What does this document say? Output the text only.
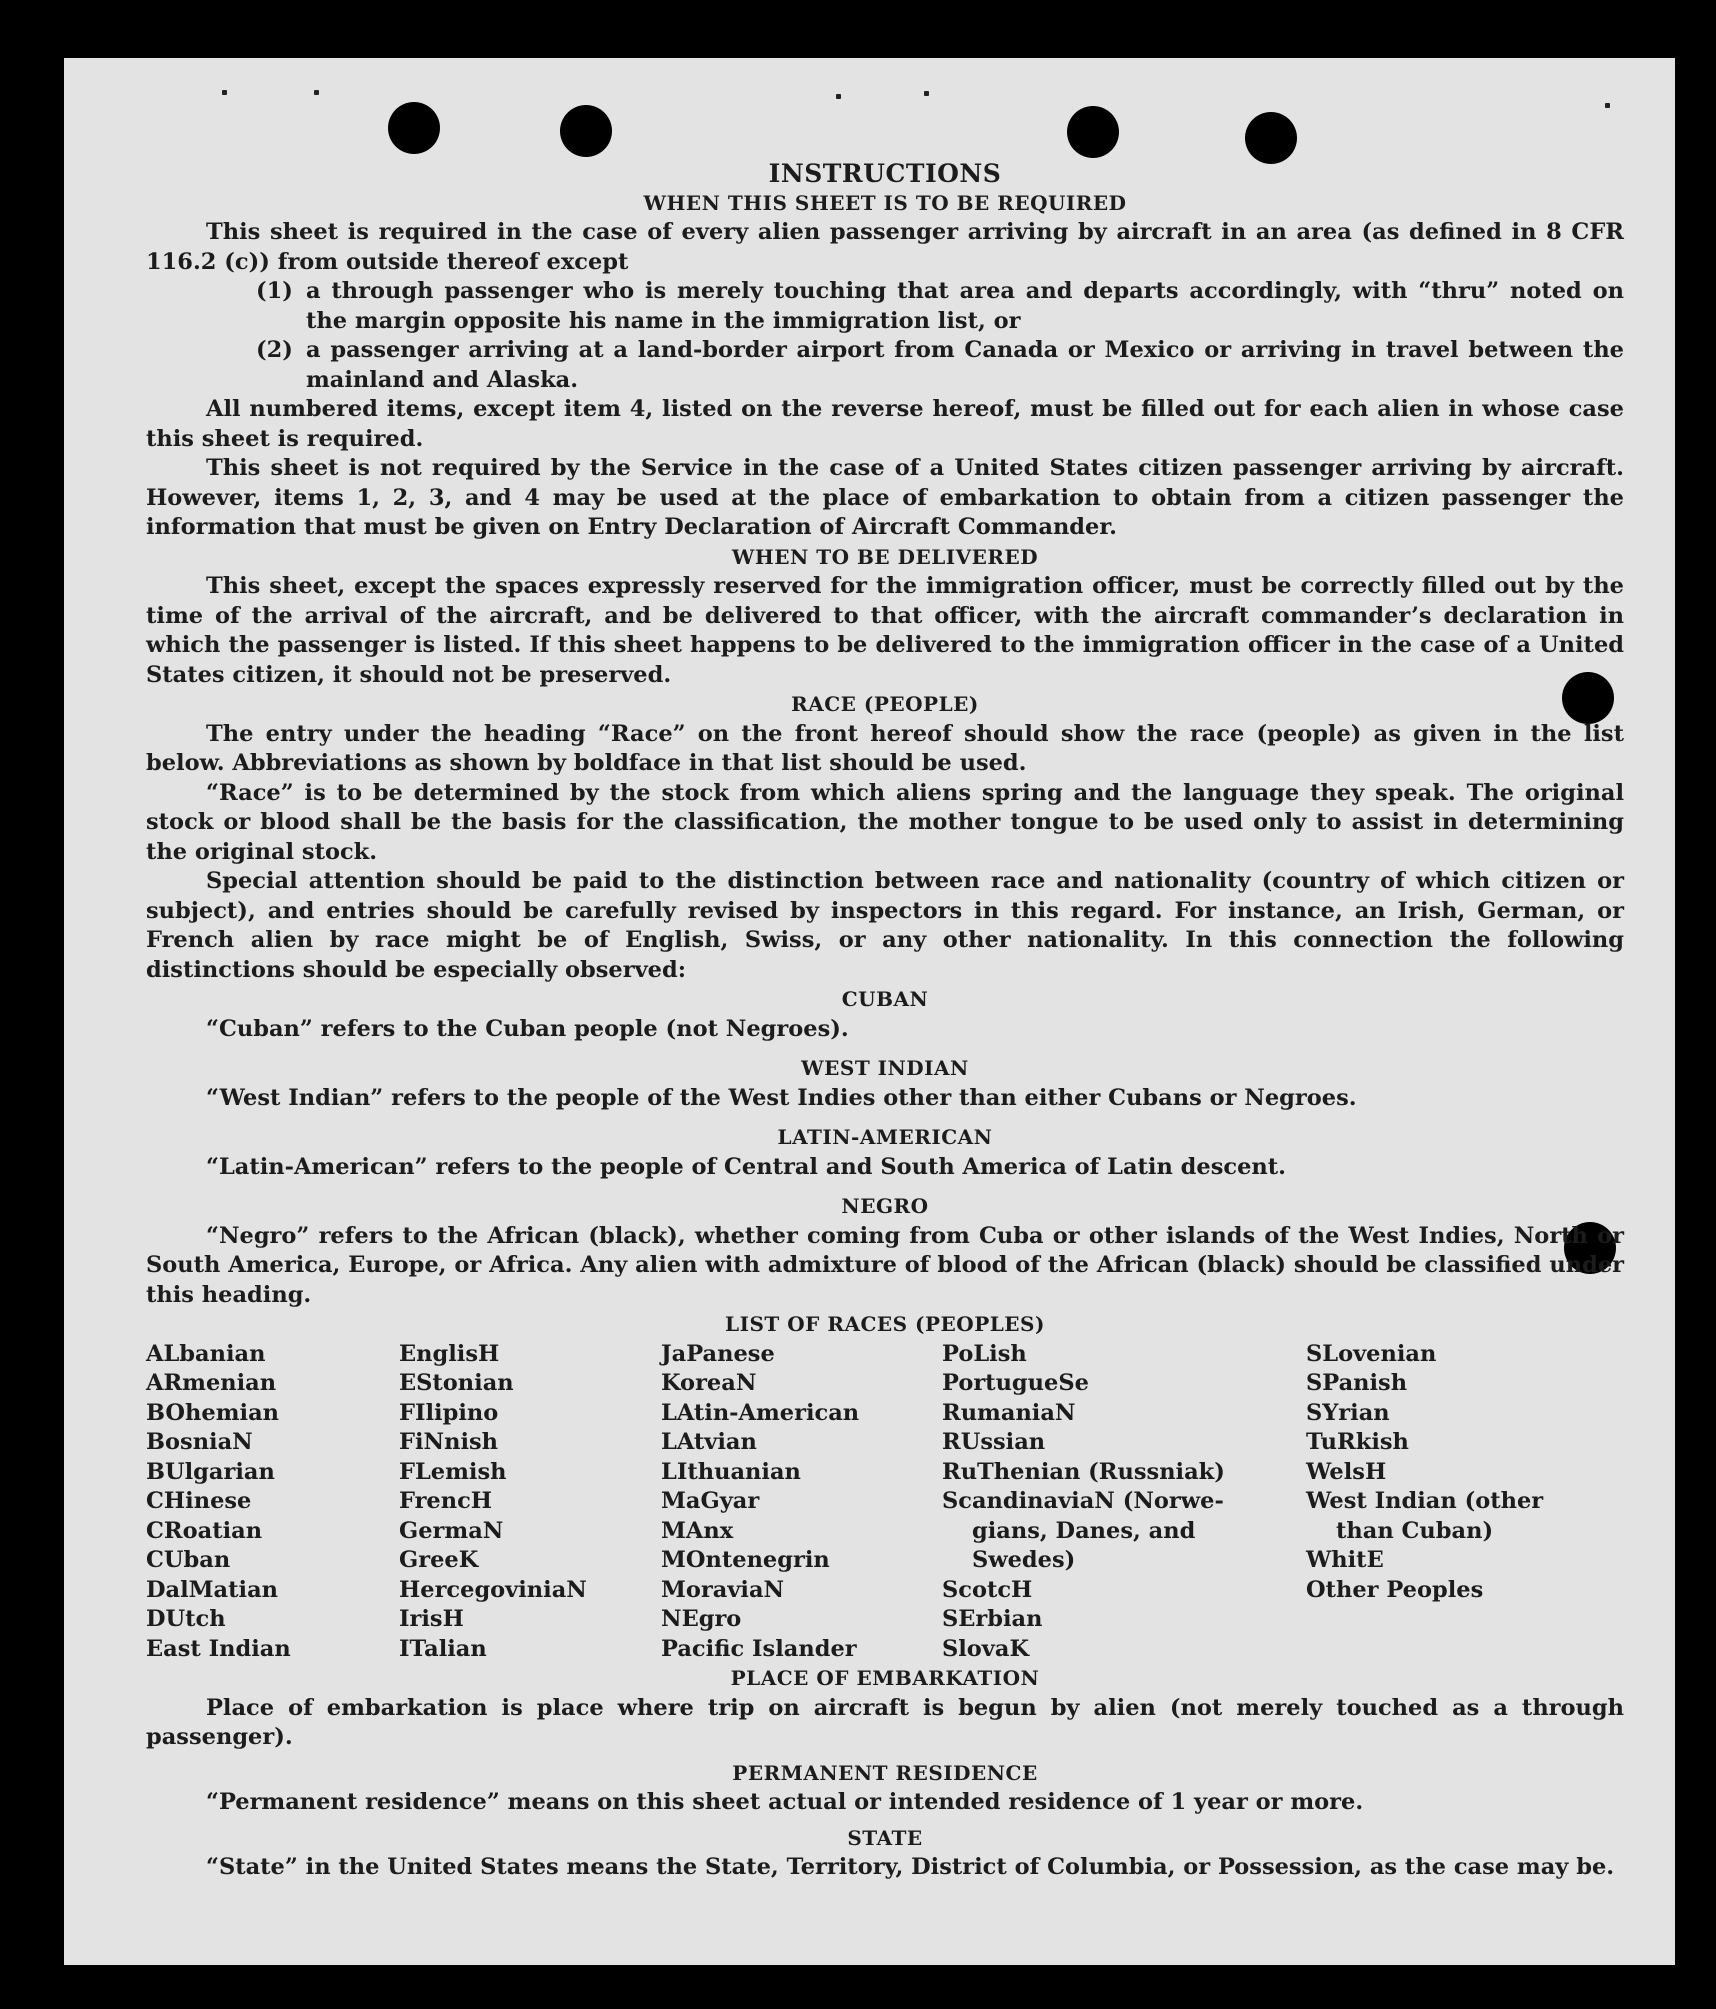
INSTRUCTIONS

WHEN THIS SHEET IS TO BE REQUIRED

This sheet is required in the case of every alien passenger arriving by aircraft in an area (as defined in 8 CFR 116.2 (c)) from outside thereof except

(1) a through passenger who is merely touching that area and departs accordingly, with “thru” noted on the margin opposite his name in the immigration list, or
(2) a passenger arriving at a land-border airport from Canada or Mexico or arriving in travel between the mainland and Alaska.

All numbered items, except item 4, listed on the reverse hereof, must be filled out for each alien in whose case this sheet is required.

This sheet is not required by the Service in the case of a United States citizen passenger arriving by aircraft. However, items 1, 2, 3, and 4 may be used at the place of embarkation to obtain from a citizen passenger the information that must be given on Entry Declaration of Aircraft Commander.

WHEN TO BE DELIVERED

This sheet, except the spaces expressly reserved for the immigration officer, must be correctly filled out by the time of the arrival of the aircraft, and be delivered to that officer, with the aircraft commander’s declaration in which the passenger is listed. If this sheet happens to be delivered to the immigration officer in the case of a United States citizen, it should not be preserved.

RACE (PEOPLE)

The entry under the heading “Race” on the front hereof should show the race (people) as given in the list below. Abbreviations as shown by boldface in that list should be used.

“Race” is to be determined by the stock from which aliens spring and the language they speak. The original stock or blood shall be the basis for the classification, the mother tongue to be used only to assist in determining the original stock.

Special attention should be paid to the distinction between race and nationality (country of which citizen or subject), and entries should be carefully revised by inspectors in this regard. For instance, an Irish, German, or French alien by race might be of English, Swiss, or any other nationality. In this connection the following distinctions should be especially observed:

CUBAN

“Cuban” refers to the Cuban people (not Negroes).

WEST INDIAN

“West Indian” refers to the people of the West Indies other than either Cubans or Negroes.

LATIN-AMERICAN

“Latin-American” refers to the people of Central and South America of Latin descent.

NEGRO

“Negro” refers to the African (black), whether coming from Cuba or other islands of the West Indies, North or South America, Europe, or Africa. Any alien with admixture of blood of the African (black) should be classified under this heading.

LIST OF RACES (PEOPLES)

ALbanian
ARmenian
BOhemian
BosniaN
BUlgarian
CHinese
CRoatian
CUban
DalMatian
DUtch
East Indian
EnglisH
EStonian
FIlipino
FiNnish
FLemish
FrencH
GermaN
GreeK
HercegoviniaN
IrisH
ITalian
JaPanese
KoreaN
LAtin-American
LAtvian
LIthuanian
MaGyar
MAnx
MOntenegrin
MoraviaN
NEgro
Pacific Islander
PoLish
PortugueSe
RumaniaN
RUssian
RuThenian (Russniak)
ScandinaviaN (Norwe-
gians, Danes, and
Swedes)
ScotcH
SErbian
SlovaK
SLovenian
SPanish
SYrian
TuRkish
WelsH
West Indian (other
than Cuban)
WhitE
Other Peoples

PLACE OF EMBARKATION

Place of embarkation is place where trip on aircraft is begun by alien (not merely touched as a through passenger).

PERMANENT RESIDENCE

“Permanent residence” means on this sheet actual or intended residence of 1 year or more.

STATE

“State” in the United States means the State, Territory, District of Columbia, or Possession, as the case may be.
